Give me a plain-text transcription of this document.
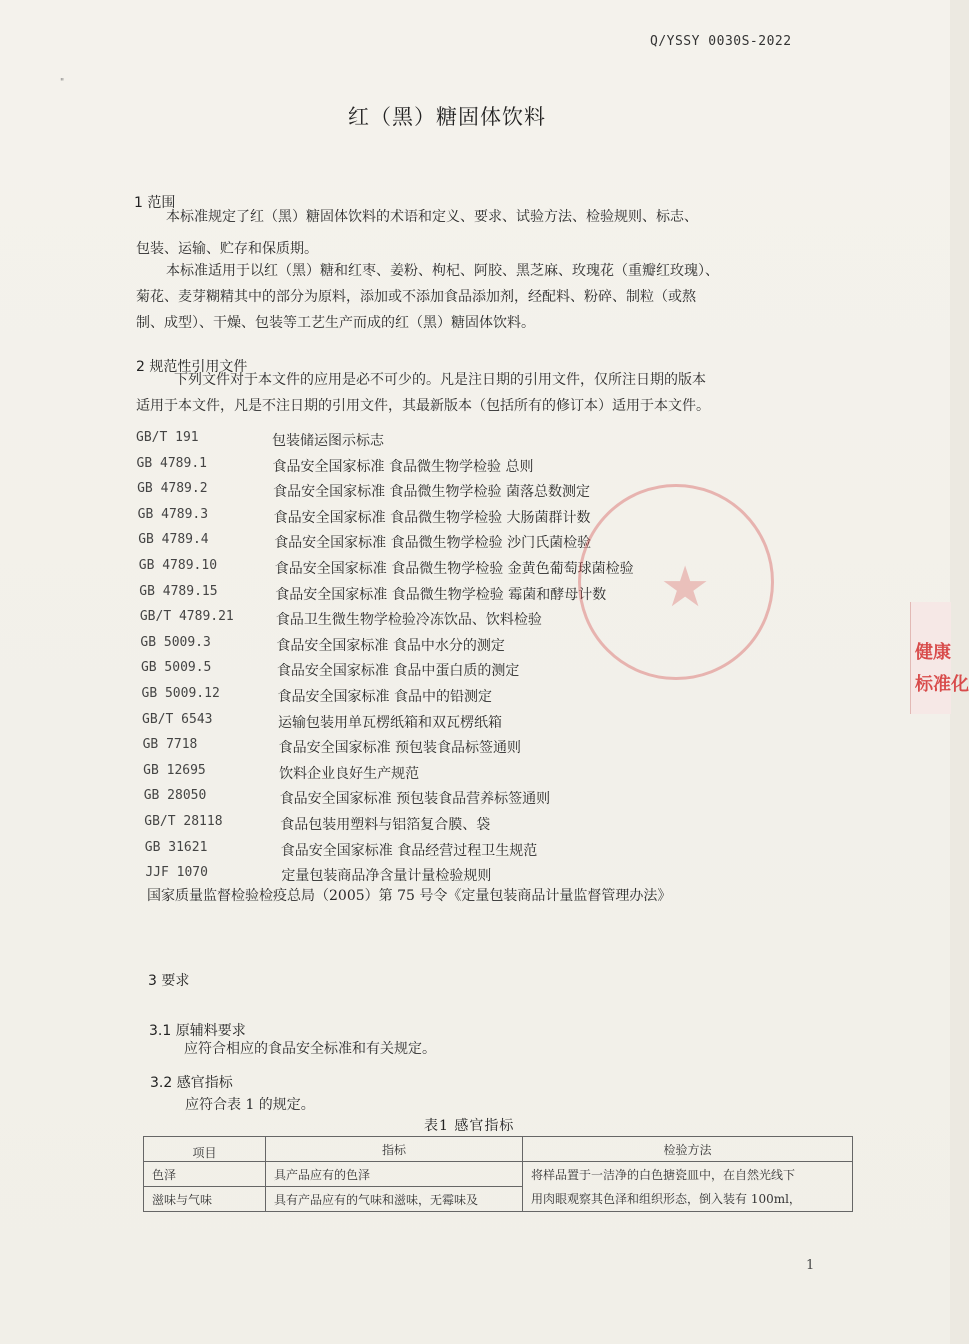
Q/YSSY 0030S-2022
"
红（黑）糖固体饮料
1 范围
本标准规定了红（黑）糖固体饮料的术语和定义、要求、试验方法、检验规则、标志、
包装、运输、贮存和保质期。
本标准适用于以红（黑）糖和红枣、姜粉、枸杞、阿胶、黑芝麻、玫瑰花（重瓣红玫瑰）、
菊花、麦芽糊精其中的部分为原料，添加或不添加食品添加剂，经配料、粉碎、制粒（或熬
制、成型）、干燥、包装等工艺生产而成的红（黑）糖固体饮料。
2 规范性引用文件
下列文件对于本文件的应用是必不可少的。凡是注日期的引用文件，仅所注日期的版本
适用于本文件，凡是不注日期的引用文件，其最新版本（包括所有的修订本）适用于本文件。
GB/T 191	包装储运图示标志
GB 4789.1	食品安全国家标准 食品微生物学检验 总则
GB 4789.2	食品安全国家标准 食品微生物学检验 菌落总数测定
GB 4789.3	食品安全国家标准 食品微生物学检验 大肠菌群计数
GB 4789.4	食品安全国家标准 食品微生物学检验 沙门氏菌检验
GB 4789.10	食品安全国家标准 食品微生物学检验 金黄色葡萄球菌检验
GB 4789.15	食品安全国家标准 食品微生物学检验 霉菌和酵母计数
GB/T 4789.21	食品卫生微生物学检验冷冻饮品、饮料检验
GB 5009.3	食品安全国家标准 食品中水分的测定
GB 5009.5	食品安全国家标准 食品中蛋白质的测定
GB 5009.12	食品安全国家标准 食品中的铅测定
GB/T 6543	运输包装用单瓦楞纸箱和双瓦楞纸箱
GB 7718	食品安全国家标准 预包装食品标签通则
GB 12695	饮料企业良好生产规范
GB 28050	食品安全国家标准 预包装食品营养标签通则
GB/T 28118	食品包装用塑料与铝箔复合膜、袋
GB 31621	食品安全国家标准 食品经营过程卫生规范
JJF 1070	定量包装商品净含量计量检验规则
国家质量监督检验检疫总局（2005）第 75 号令《定量包装商品计量监督管理办法》
★
3 要求
3.1 原辅料要求
应符合相应的食品安全标准和有关规定。
3.2 感官指标
应符合表 1 的规定。
表1 感官指标
项目	指标	检验方法
色泽	具产品应有的色泽	将样品置于一洁净的白色搪瓷皿中，在自然光线下
用肉眼观察其色泽和组织形态，倒入装有 100ml，

滋味与气味	具有产品应有的气味和滋味，无霉味及	
1
健康
标准化
